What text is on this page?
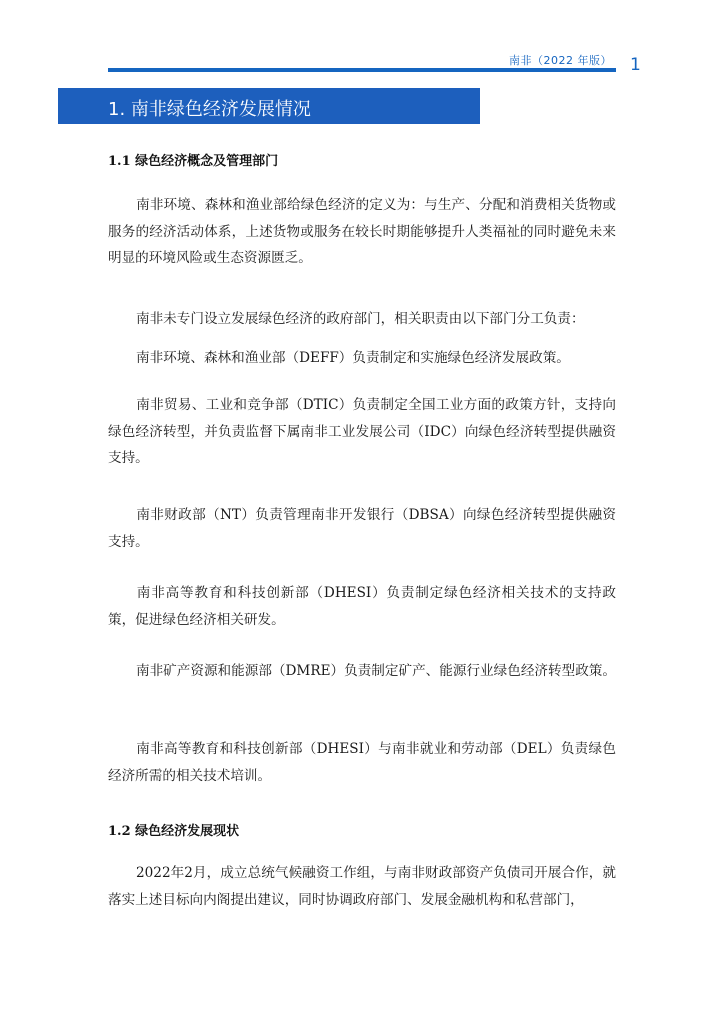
南非（2022 年版） 1
1. 南非绿色经济发展情况
1.1 绿色经济概念及管理部门
南非环境、森林和渔业部给绿色经济的定义为：与生产、分配和消费相关货物或服务的经济活动体系，上述货物或服务在较长时期能够提升人类福祉的同时避免未来明显的环境风险或生态资源匮乏。
南非未专门设立发展绿色经济的政府部门，相关职责由以下部门分工负责：
南非环境、森林和渔业部（DEFF）负责制定和实施绿色经济发展政策。
南非贸易、工业和竞争部（DTIC）负责制定全国工业方面的政策方针，支持向绿色经济转型，并负责监督下属南非工业发展公司（IDC）向绿色经济转型提供融资支持。
南非财政部（NT）负责管理南非开发银行（DBSA）向绿色经济转型提供融资支持。
南非高等教育和科技创新部（DHESI）负责制定绿色经济相关技术的支持政策，促进绿色经济相关研发。
南非矿产资源和能源部（DMRE）负责制定矿产、能源行业绿色经济转型政策。
南非高等教育和科技创新部（DHESI）与南非就业和劳动部（DEL）负责绿色经济所需的相关技术培训。
1.2 绿色经济发展现状
2022年2月，成立总统气候融资工作组，与南非财政部资产负债司开展合作，就落实上述目标向内阁提出建议，同时协调政府部门、发展金融机构和私营部门，
